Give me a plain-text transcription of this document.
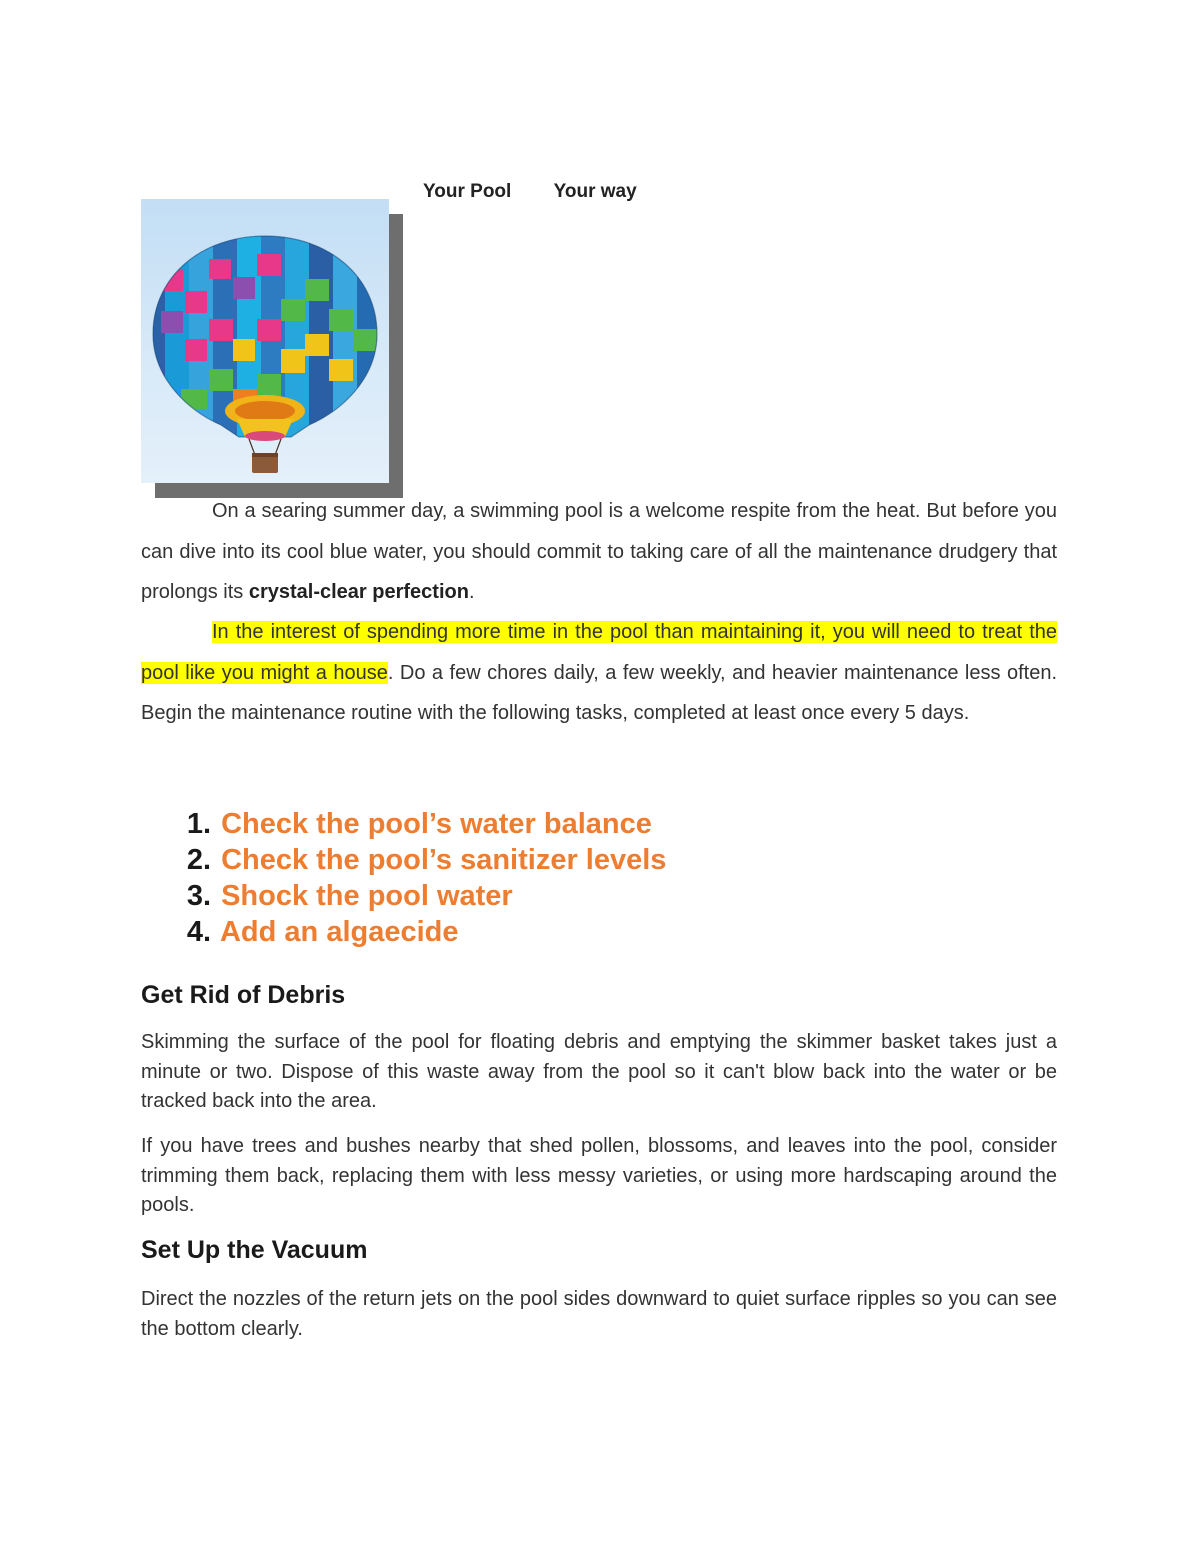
Your Pool Your way

On a searing summer day, a swimming pool is a welcome respite from the heat. But before you can dive into its cool blue water, you should commit to taking care of all the maintenance drudgery that prolongs its crystal-clear perfection.

In the interest of spending more time in the pool than maintaining it, you will need to treat the pool like you might a house. Do a few chores daily, a few weekly, and heavier maintenance less often. Begin the maintenance routine with the following tasks, completed at least once every 5 days.

1. Check the pool’s water balance
2. Check the pool’s sanitizer levels
3. Shock the pool water
4. Add an algaecide
Get Rid of Debris

Skimming the surface of the pool for floating debris and emptying the skimmer basket takes just a minute or two. Dispose of this waste away from the pool so it can't blow back into the water or be tracked back into the area.

If you have trees and bushes nearby that shed pollen, blossoms, and leaves into the pool, consider trimming them back, replacing them with less messy varieties, or using more hardscaping around the pools.

Set Up the Vacuum

Direct the nozzles of the return jets on the pool sides downward to quiet surface ripples so you can see the bottom clearly.
